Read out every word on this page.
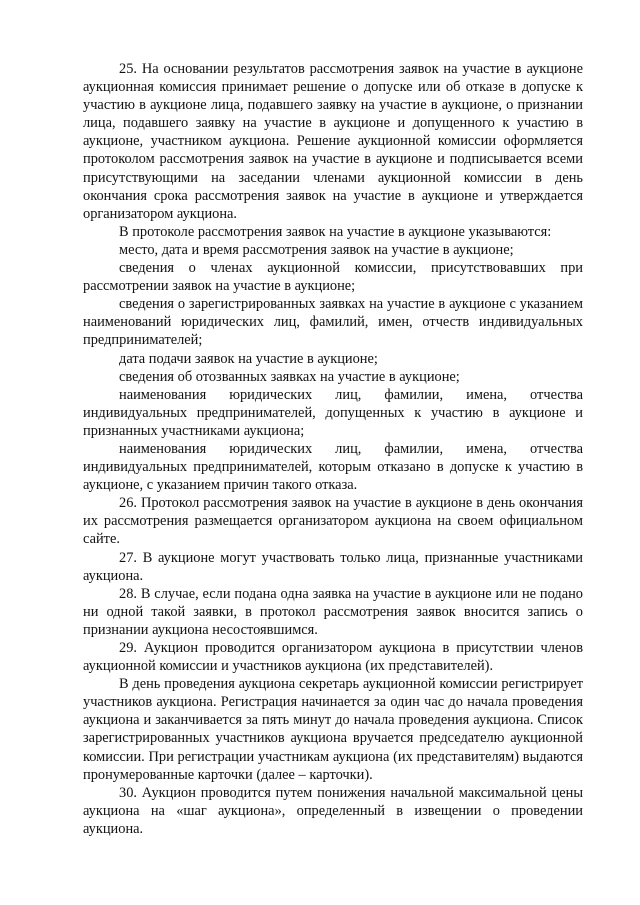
25. На основании результатов рассмотрения заявок на участие в аукционе аукционная комиссия принимает решение о допуске или об отказе в допуске к участию в аукционе лица, подавшего заявку на участие в аукционе, о признании лица, подавшего заявку на участие в аукционе и допущенного к участию в аукционе, участником аукциона. Решение аукционной комиссии оформляется протоколом рассмотрения заявок на участие в аукционе и подписывается всеми присутствующими на заседании членами аукционной комиссии в день окончания срока рассмотрения заявок на участие в аукционе и утверждается организатором аукциона.

В протоколе рассмотрения заявок на участие в аукционе указываются:

место, дата и время рассмотрения заявок на участие в аукционе;

сведения о членах аукционной комиссии, присутствовавших при рассмотрении заявок на участие в аукционе;

сведения о зарегистрированных заявках на участие в аукционе с указанием наименований юридических лиц, фамилий, имен, отчеств индивидуальных предпринимателей;

дата подачи заявок на участие в аукционе;

сведения об отозванных заявках на участие в аукционе;

наименования юридических лиц, фамилии, имена, отчества индивидуальных предпринимателей, допущенных к участию в аукционе и признанных участниками аукциона;

наименования юридических лиц, фамилии, имена, отчества индивидуальных предпринимателей, которым отказано в допуске к участию в аукционе, с указанием причин такого отказа.

26. Протокол рассмотрения заявок на участие в аукционе в день окончания их рассмотрения размещается организатором аукциона на своем официальном сайте.

27. В аукционе могут участвовать только лица, признанные участниками аукциона.

28. В случае, если подана одна заявка на участие в аукционе или не подано ни одной такой заявки, в протокол рассмотрения заявок вносится запись о признании аукциона несостоявшимся.

29. Аукцион проводится организатором аукциона в присутствии членов аукционной комиссии и участников аукциона (их представителей).

В день проведения аукциона секретарь аукционной комиссии регистрирует участников аукциона. Регистрация начинается за один час до начала проведения аукциона и заканчивается за пять минут до начала проведения аукциона. Список зарегистрированных участников аукциона вручается председателю аукционной комиссии. При регистрации участникам аукциона (их представителям) выдаются пронумерованные карточки (далее – карточки).

30. Аукцион проводится путем понижения начальной максимальной цены аукциона на «шаг аукциона», определенный в извещении о проведении аукциона.
